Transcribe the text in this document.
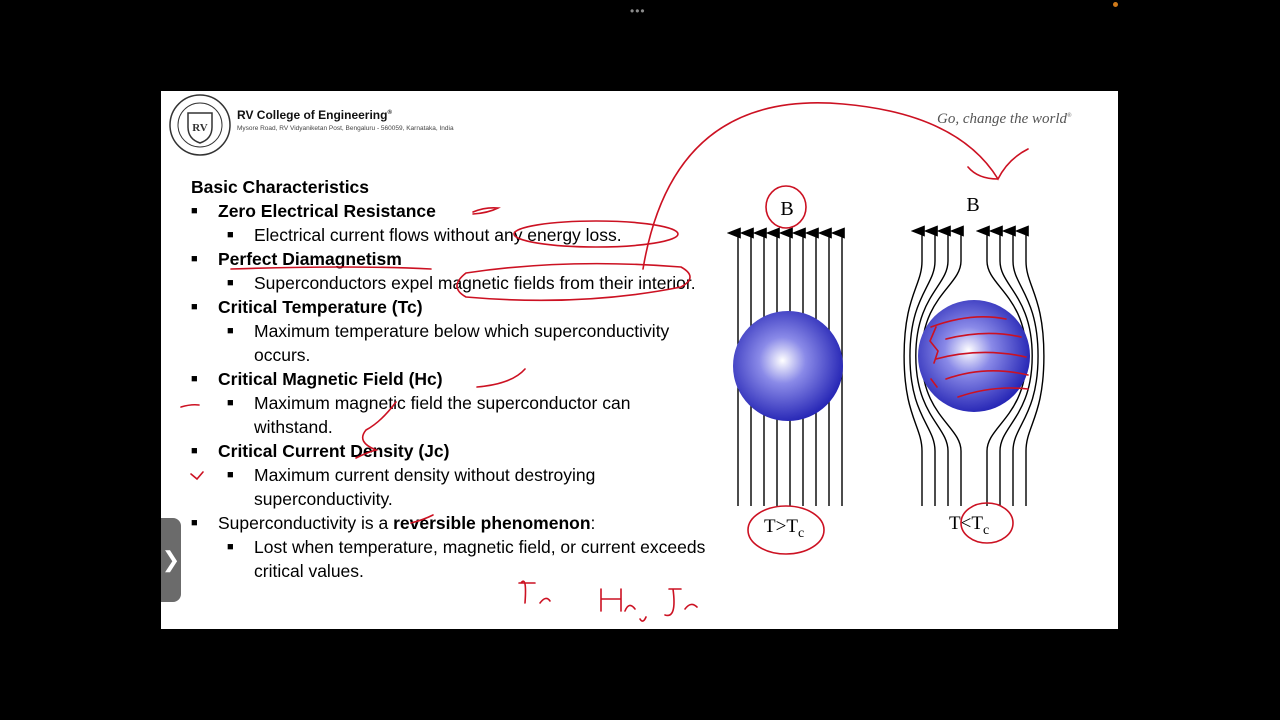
•••
RV
RV College of Engineering®
Mysore Road, RV Vidyaniketan Post, Bengaluru - 560059, Karnataka, India
Go, change the world®
Basic Characteristics
■ Zero Electrical Resistance
■ Electrical current flows without any energy loss.
■ Perfect Diamagnetism
■ Superconductors expel magnetic fields from their interior.
■ Critical Temperature (Tc)
■ Maximum temperature below which superconductivity occurs.
■ Critical Magnetic Field (Hc)
■ Maximum magnetic field the superconductor can withstand.
■ Critical Current Density (Jc)
■ Maximum current density without destroying superconductivity.
■ Superconductivity is a reversible phenomenon:
■ Lost when temperature, magnetic field, or current exceeds critical values.
B	B
$T>T_c$	$T<T_c$
❯
